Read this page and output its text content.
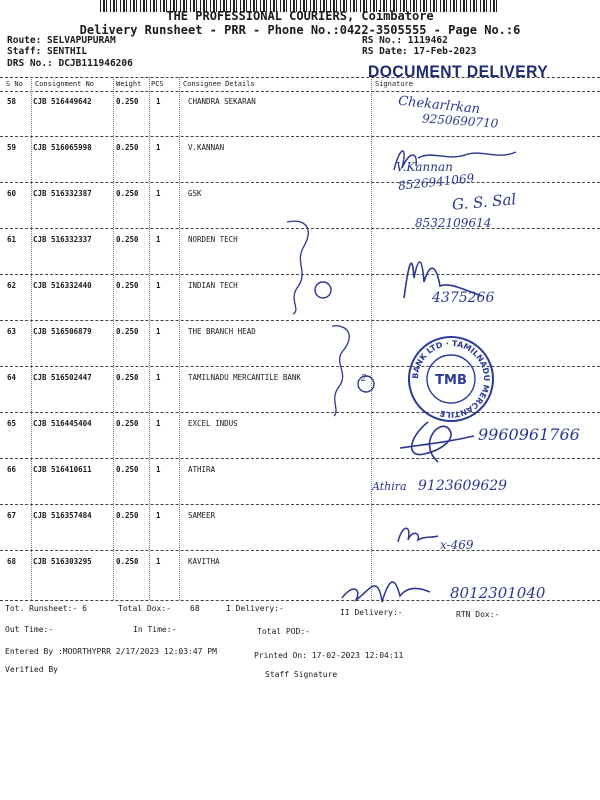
THE PROFESSIONAL COURIERS, Coimbatore
Delivery Runsheet - PRR - Phone No.:0422-3505555 - Page No.:6
Route: SELVAPUPURAM
Staff: SENTHIL
DRS No.: DCJB111946206
RS No.: 1119462
RS Date: 17-Feb-2023
DOCUMENT DELIVERY
S No Consignment No	Weight PCS	Consignee Details	Signature
58 CJB 516449642	0.250 1	CHANDRA SEKARAN
59 CJB 516065998	0.250 1	V.KANNAN
60 CJB 516332387	0.250 1	GSK
61 CJB 516332337	0.250 1	NORDEN TECH
62 CJB 516332440	0.250 1	INDIAN TECH
63 CJB 516506879	0.250 1	THE BRANCH HEAD
64 CJB 516502447	0.250 1	TAMILNADU MERCANTILE BANK
65 CJB 516445404	0.250 1	EXCEL INDUS
66 CJB 516410611	0.250 1	ATHIRA
67 CJB 516357484	0.250 1	SAMEER
68 CJB 516303295	0.250 1	KAVITHA
Chekarlrkan
9250690710
V.Kannan
8526941069
G. S. Sal
8532109614
4375266
2	BANK LTD · TAMILNADU MERCANTILE
TMB
9960961766
Athira 9123609629
x-469
8012301040
Tot. Runsheet:- 6	Total Dox:- 68	I Delivery:-	II Delivery:-	RTN Dox:-
Out Time:-	In Time:-	Total POD:-
Entered By :MOORTHYPRR 2/17/2023 12:03:47 PM	Printed On: 17-02-2023 12:04:11
Verified By
Staff Signature
